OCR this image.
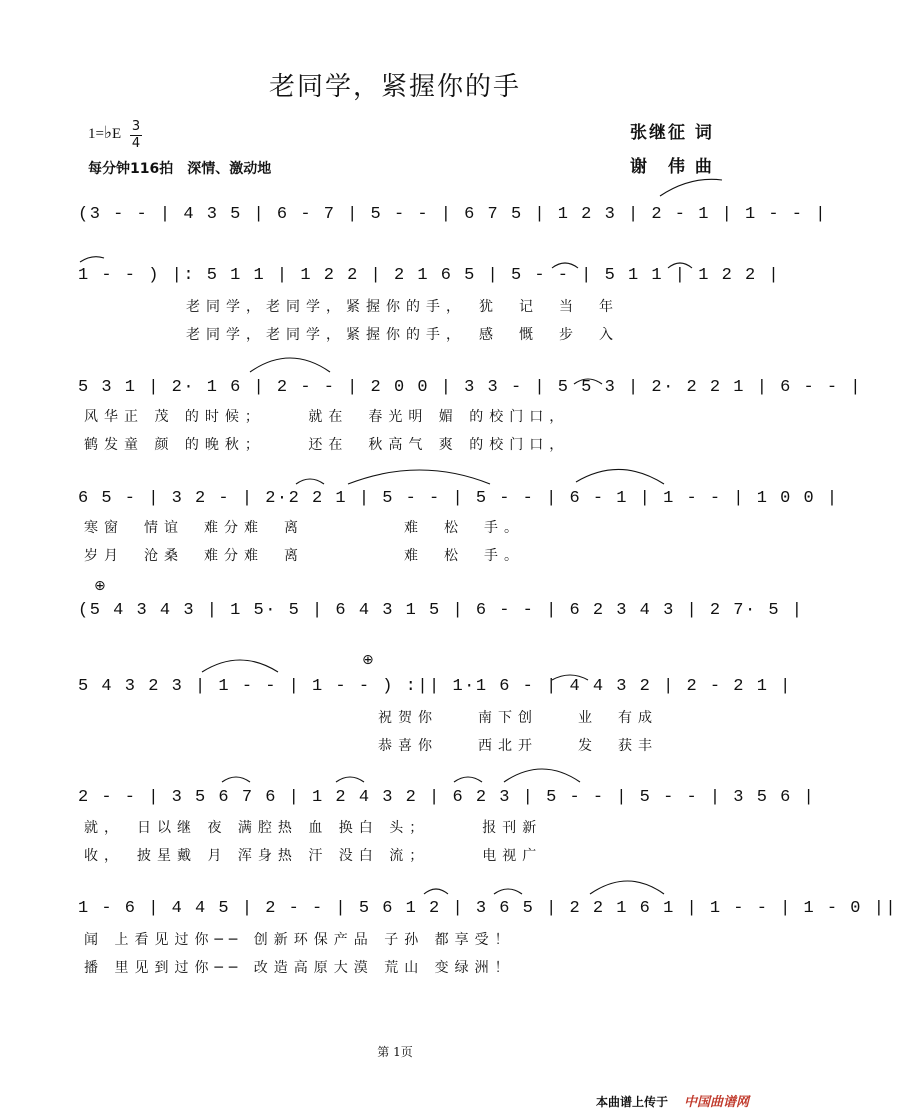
老同学，紧握你的手
1=♭E 3
4
每分钟116拍　深情、激动地
张继征 词
谢　伟 曲
(3 - - | 4 3 5 | 6 - 7 | 5 - - | 6 7 5 | 1 2 3 | 2 - 1 | 1 - - |
1 - - ) |: 5 1 1 | 1 2 2 | 2 1 6 5 | 5 - - | 5 1 1 | 1 2 2 |
老同学，老同学，紧握你的手，　犹　记　当　年
老同学，老同学，紧握你的手，　感　慨　步　入
5 3 1 | 2· 1 6 | 2 - - | 2 0 0 | 3 3 - | 5 5 3 | 2· 2 2 1 | 6 - - |
风华正 茂 的时候；　　 就在　春光明 媚 的校门口，
鹤发童 颜 的晚秋；　　 还在　秋高气 爽 的校门口，
6 5 - | 3 2 - | 2·2 2 1 | 5 - - | 5 - - | 6 - 1 | 1 - - | 1 0 0 |
寒窗　情谊　难分难　离　　　　　难　松　手。
岁月　沧桑　难分难　离　　　　　难　松　手。
⊕
(5 4 3 4 3 | 1 5· 5 | 6 4 3 1 5 | 6 - - | 6 2 3 4 3 | 2 7· 5 |
⊕
5 4 3 2 3 | 1 - - | 1 - - ) :|| 1·1 6 - | 4 4 3 2 | 2 - 2 1 |
祝贺你　　南下创　　业　有成
恭喜你　　西北开　　发　获丰
2 - - | 3 5 6 7 6 | 1 2 4 3 2 | 6 2 3 | 5 - - | 5 - - | 3 5 6 |
就，　日以继 夜 满腔热 血 换白 头；　　　报刊新
收，　披星戴 月 浑身热 汗 没白 流；　　　电视广
1 - 6 | 4 4 5 | 2 - - | 5 6 1 2 | 3 6 5 | 2 2 1 6 1 | 1 - - | 1 - 0 ||
闻 上看见过你── 创新环保产品 子孙 都享受！
播 里见到过你── 改造高原大漠 荒山 变绿洲！
第 1页
本曲谱上传于 中国曲谱网
